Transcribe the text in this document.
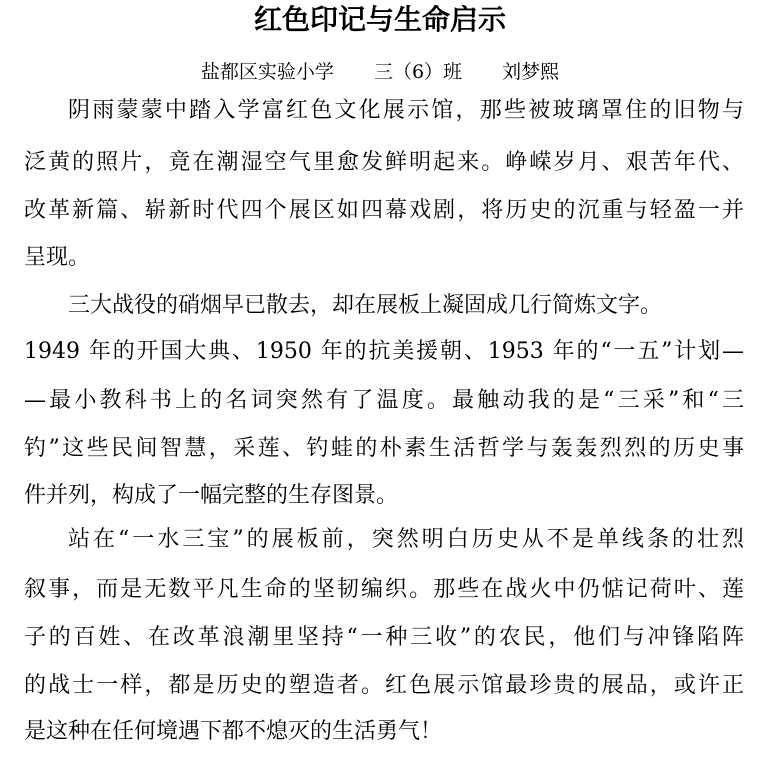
红色印记与生命启示
盐都区实验小学 三（6）班 刘梦熙
阴雨蒙蒙中踏入学富红色文化展示馆，那些被玻璃罩住的旧物与
泛黄的照片，竟在潮湿空气里愈发鲜明起来。峥嵘岁月、艰苦年代、
改革新篇、崭新时代四个展区如四幕戏剧，将历史的沉重与轻盈一并
呈现。
三大战役的硝烟早已散去，却在展板上凝固成几行简炼文字。
1949 年的开国大典、1950 年的抗美援朝、1953 年的“一五”计划—
—最小教科书上的名词突然有了温度。最触动我的是“三采”和“三
钓”这些民间智慧，采莲、钓蛙的朴素生活哲学与轰轰烈烈的历史事
件并列，构成了一幅完整的生存图景。
站在“一水三宝”的展板前，突然明白历史从不是单线条的壮烈
叙事，而是无数平凡生命的坚韧编织。那些在战火中仍惦记荷叶、莲
子的百姓、在改革浪潮里坚持“一种三收”的农民，他们与冲锋陷阵
的战士一样，都是历史的塑造者。红色展示馆最珍贵的展品，或许正
是这种在任何境遇下都不熄灭的生活勇气！
